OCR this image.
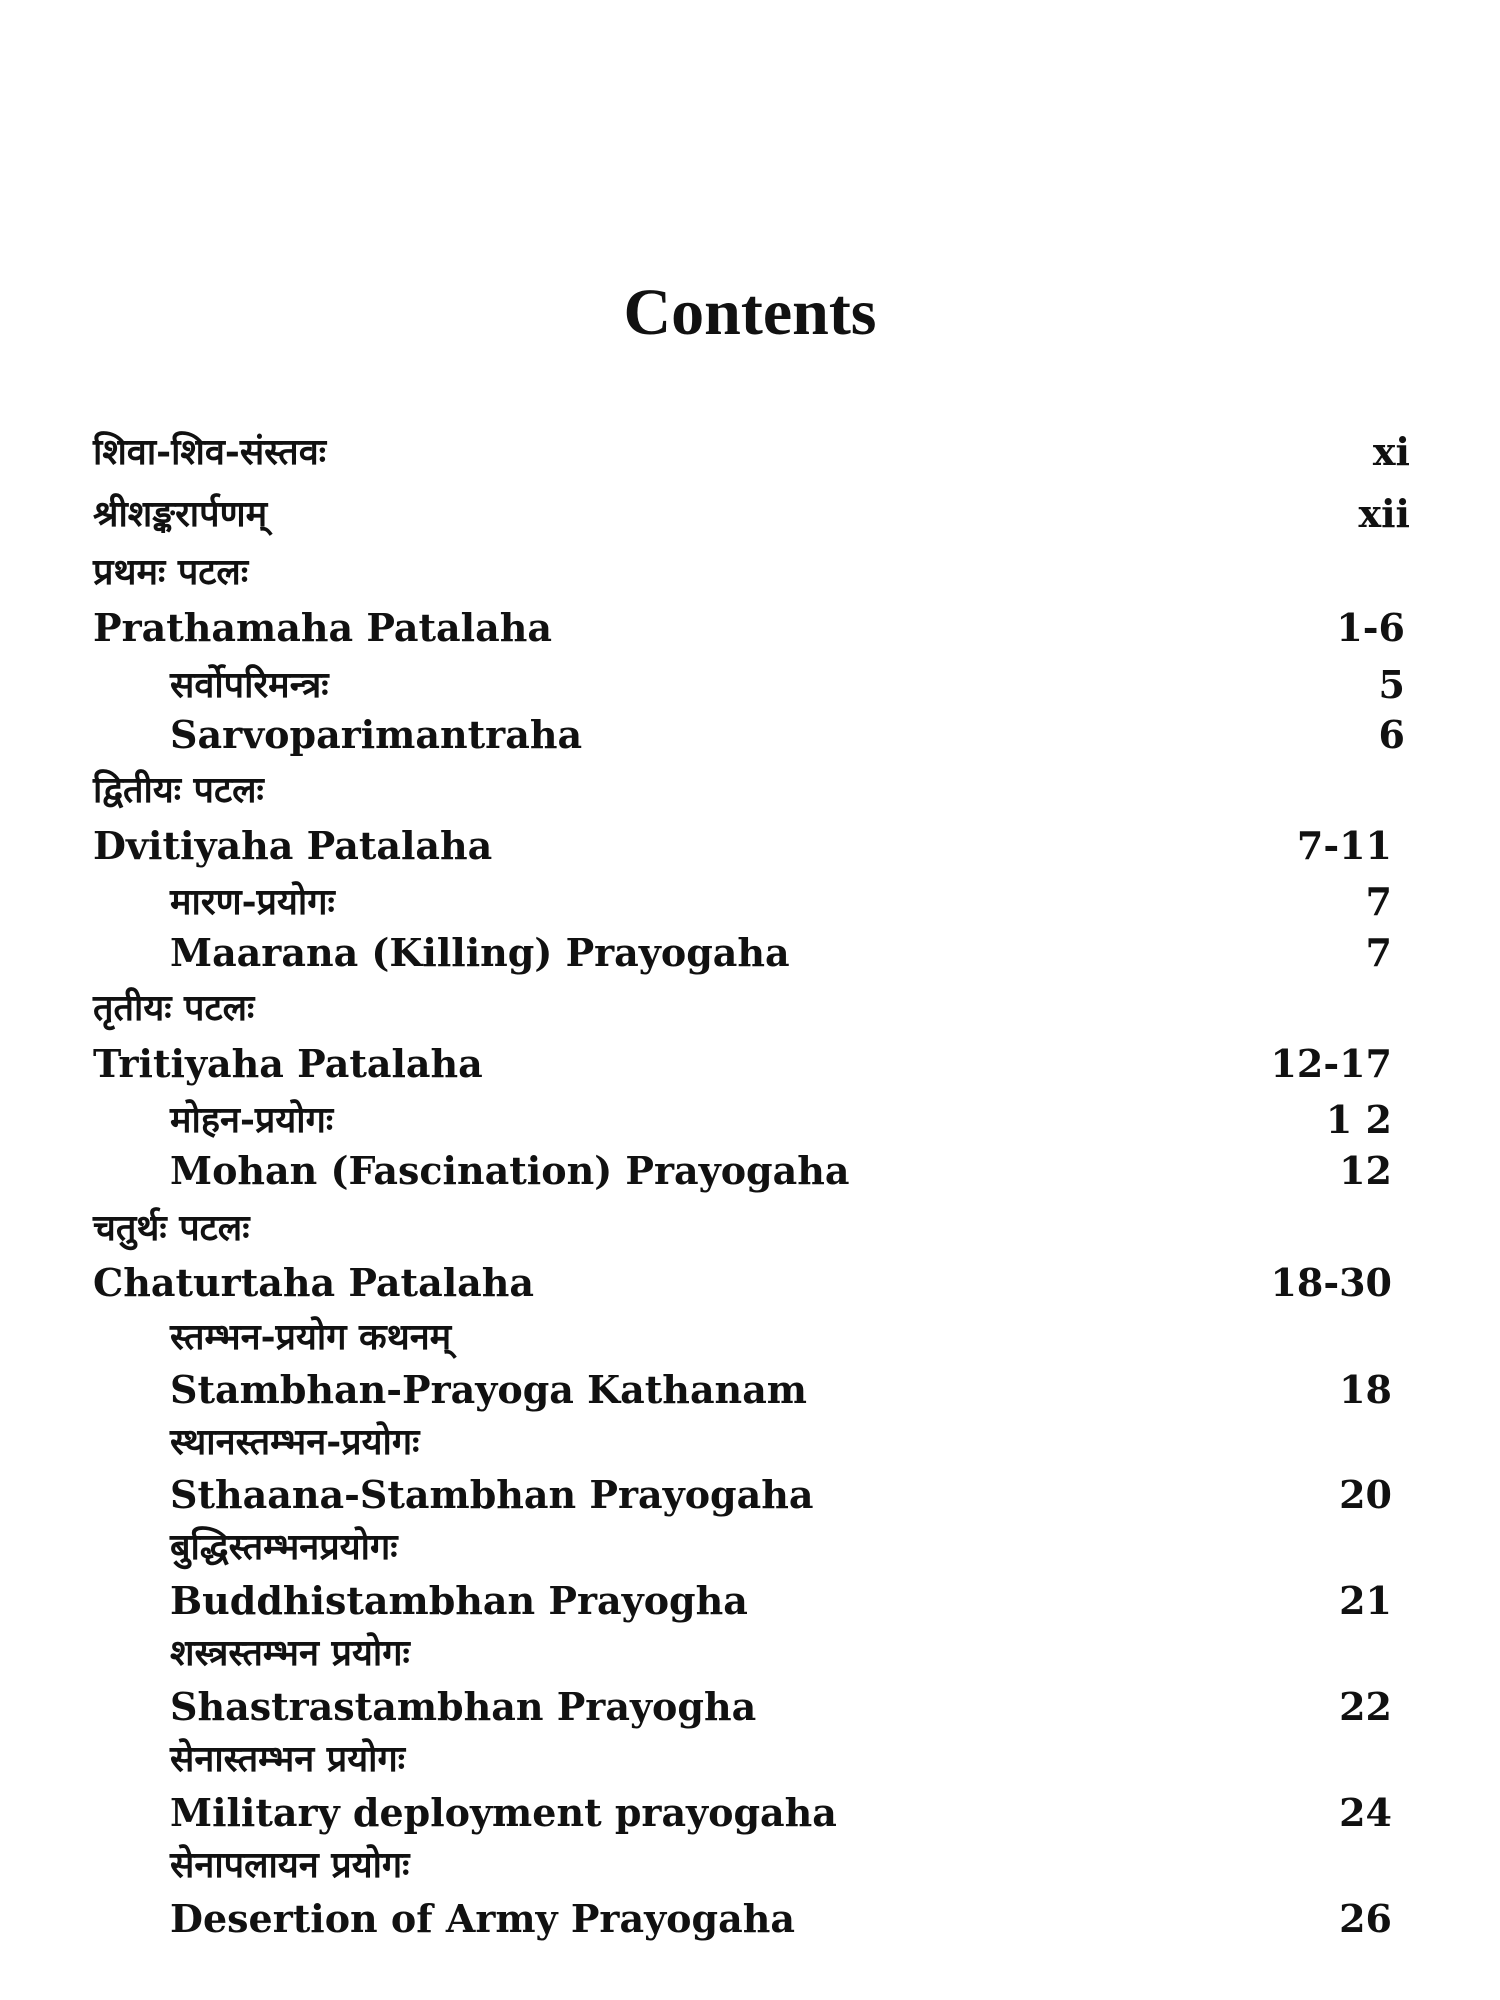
Contents
शिवा-शिव-संस्तवः	xi
श्रीशङ्करार्पणम्	xii
प्रथमः पटलः
Prathamaha Patalaha	1-6
सर्वोपरिमन्त्रः	5
Sarvoparimantraha	6
द्वितीयः पटलः
Dvitiyaha Patalaha	7-11
मारण-प्रयोगः	7
Maarana (Killing) Prayogaha	7
तृतीयः पटलः
Tritiyaha Patalaha	12-17
मोहन-प्रयोगः	1 2
Mohan (Fascination) Prayogaha	12
चतुर्थः पटलः
Chaturtaha Patalaha	18-30
स्तम्भन-प्रयोग कथनम्
Stambhan-Prayoga Kathanam	18
स्थानस्तम्भन-प्रयोगः
Sthaana-Stambhan Prayogaha	20
बुद्धिस्तम्भनप्रयोगः
Buddhistambhan Prayogha	21
शस्त्रस्तम्भन प्रयोगः
Shastrastambhan Prayogha	22
सेनास्तम्भन प्रयोगः
Military deployment prayogaha	24
सेनापलायन प्रयोगः
Desertion of Army Prayogaha	26
